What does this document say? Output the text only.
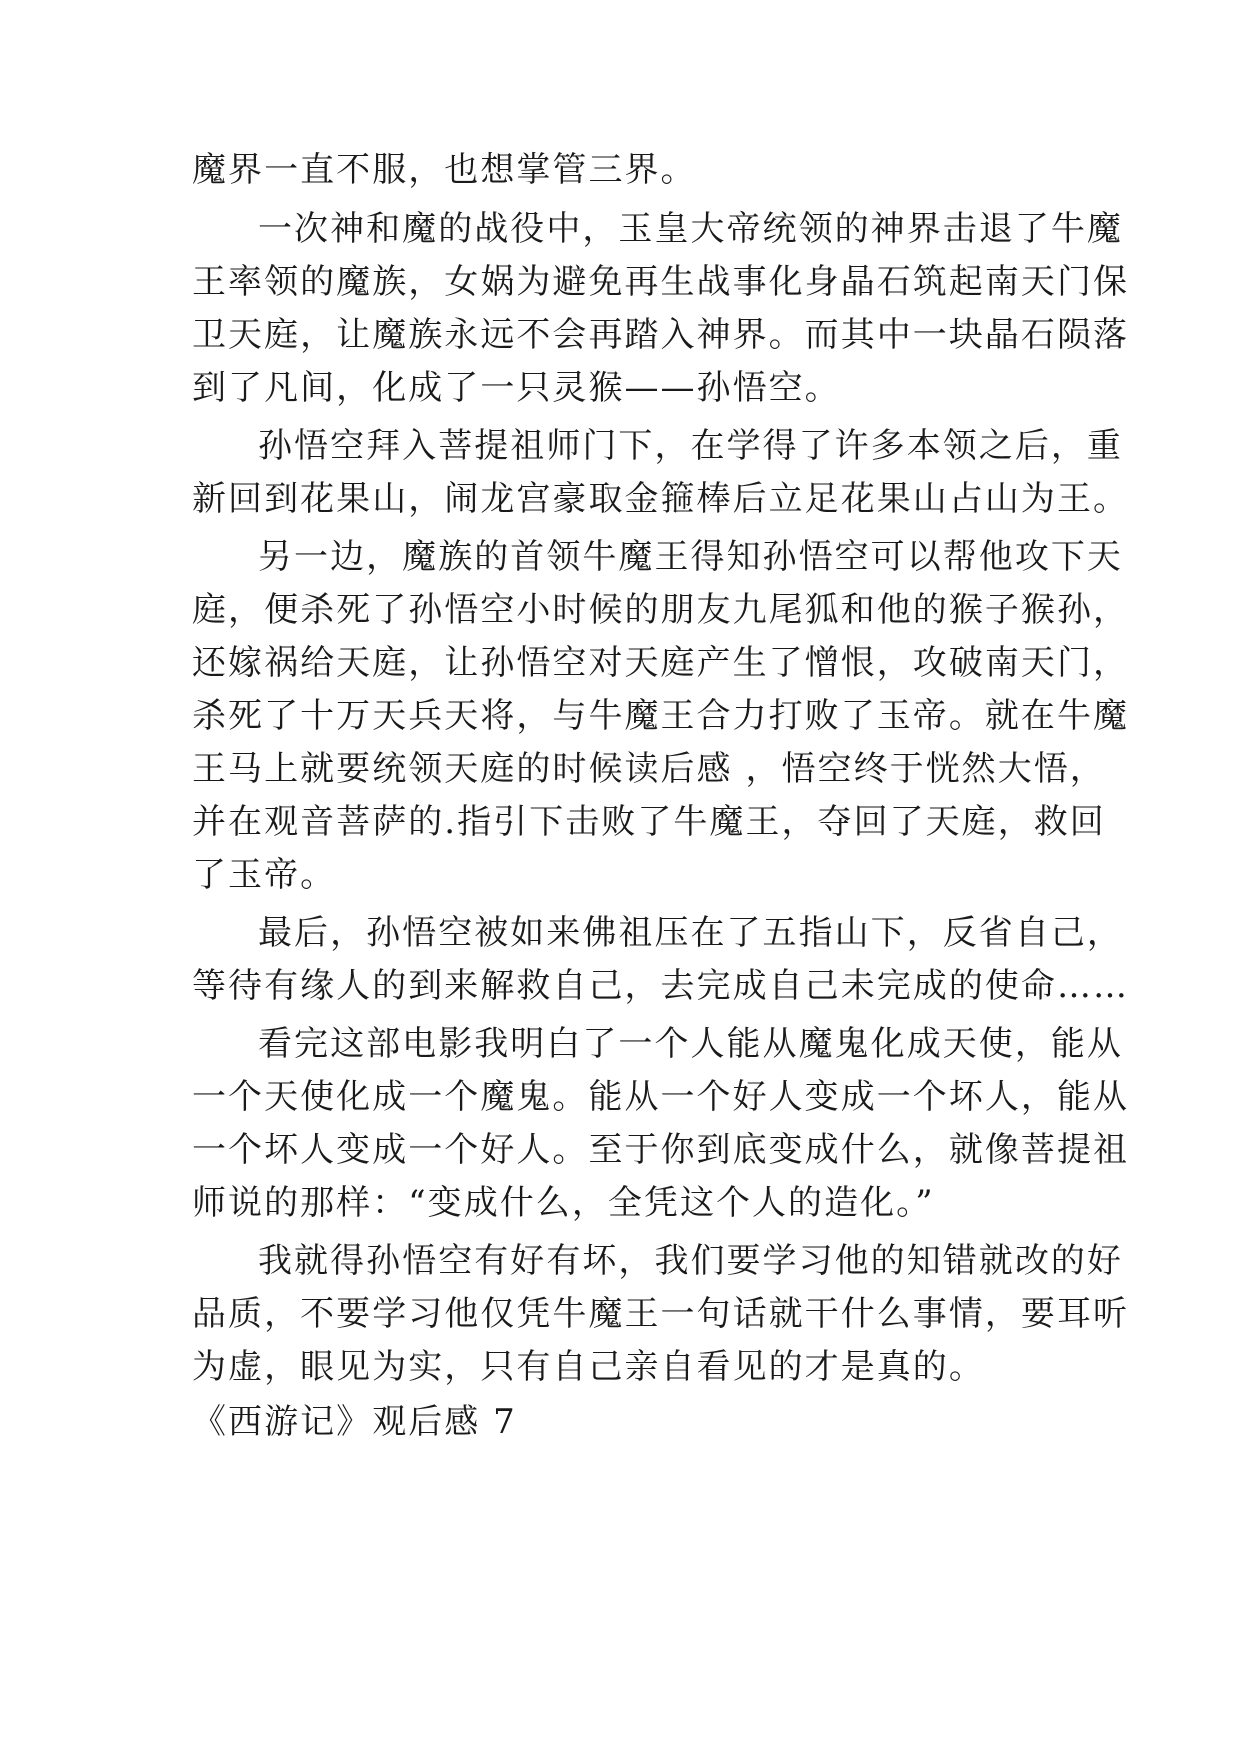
魔界一直不服，也想掌管三界。
一次神和魔的战役中，玉皇大帝统领的神界击退了牛魔
王率领的魔族，女娲为避免再生战事化身晶石筑起南天门保
卫天庭，让魔族永远不会再踏入神界。而其中一块晶石陨落
到了凡间，化成了一只灵猴——孙悟空。
孙悟空拜入菩提祖师门下，在学得了许多本领之后，重
新回到花果山，闹龙宫豪取金箍棒后立足花果山占山为王。
另一边，魔族的首领牛魔王得知孙悟空可以帮他攻下天
庭，便杀死了孙悟空小时候的朋友九尾狐和他的猴子猴孙，
还嫁祸给天庭，让孙悟空对天庭产生了憎恨，攻破南天门，
杀死了十万天兵天将，与牛魔王合力打败了玉帝。就在牛魔
王马上就要统领天庭的时候读后感 ，悟空终于恍然大悟，
并在观音菩萨的.指引下击败了牛魔王，夺回了天庭，救回
了玉帝。
最后，孙悟空被如来佛祖压在了五指山下，反省自己，
等待有缘人的到来解救自己，去完成自己未完成的使命……
看完这部电影我明白了一个人能从魔鬼化成天使，能从
一个天使化成一个魔鬼。能从一个好人变成一个坏人，能从
一个坏人变成一个好人。至于你到底变成什么，就像菩提祖
师说的那样：“变成什么，全凭这个人的造化。”
我就得孙悟空有好有坏，我们要学习他的知错就改的好
品质，不要学习他仅凭牛魔王一句话就干什么事情，要耳听
为虚，眼见为实，只有自己亲自看见的才是真的。
《西游记》观后感 7
